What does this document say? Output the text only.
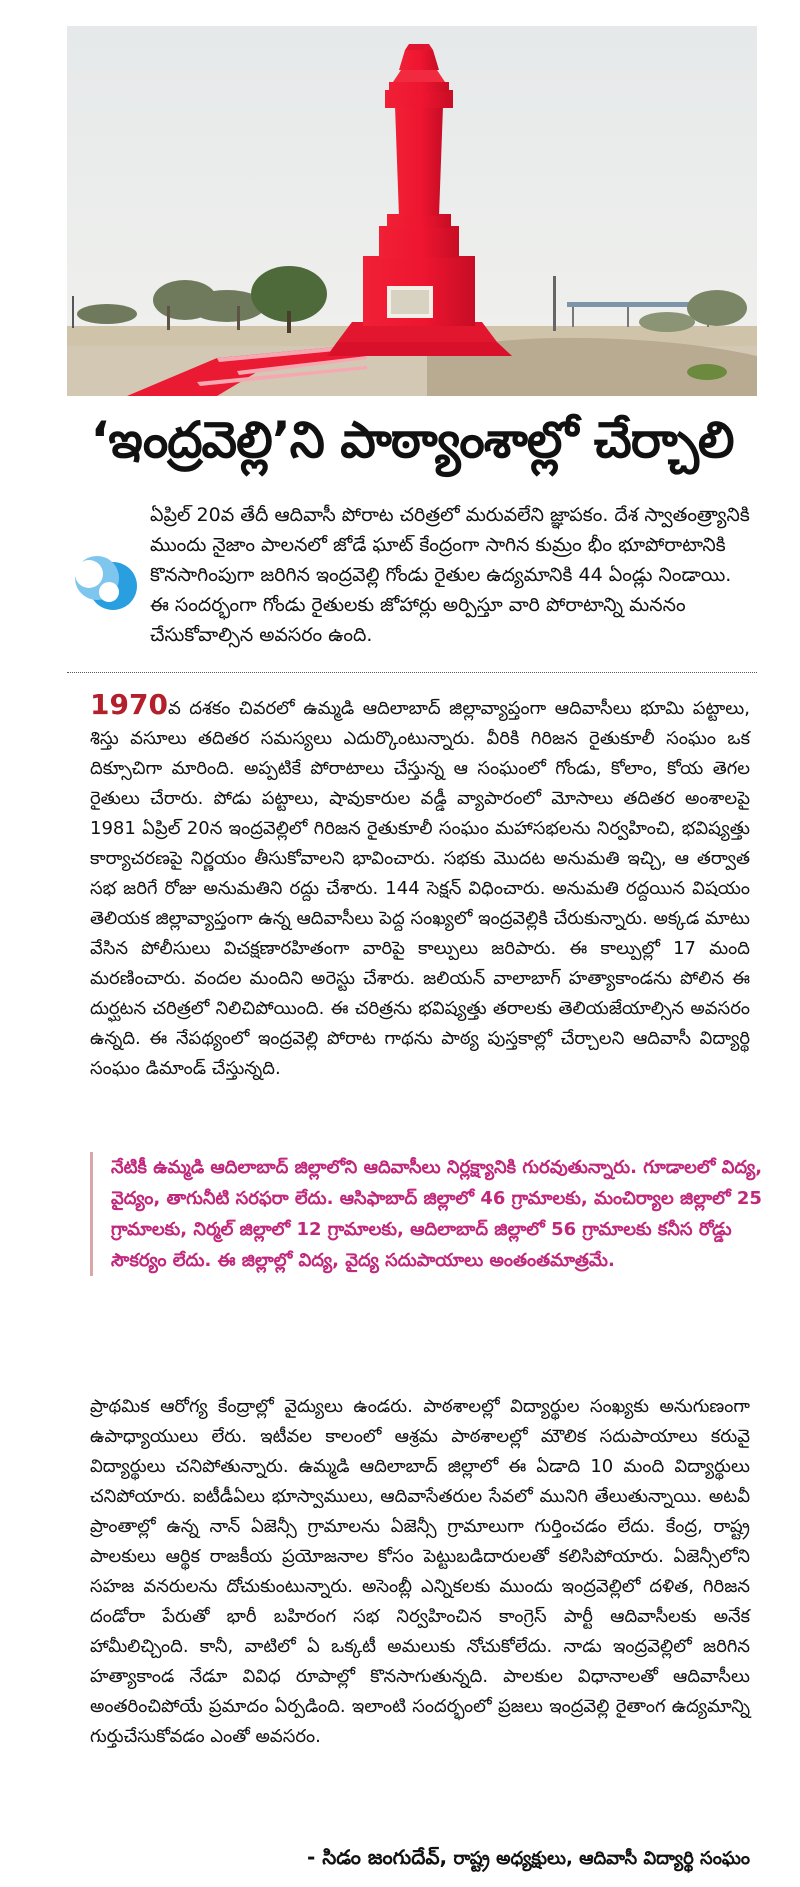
‘ఇంద్రవెల్లి’ని పాఠ్యాంశాల్లో చేర్చాలి

ఏప్రిల్ 20వ తేదీ ఆదివాసీ పోరాట చరిత్రలో మరువలేని జ్ఞాపకం. దేశ స్వాతంత్ర్యానికి ముందు నైజాం పాలనలో జోడే ఘాట్ కేంద్రంగా సాగిన కుమ్రం భీం భూపోరాటానికి కొనసాగింపుగా జరిగిన ఇంద్రవెల్లి గోండు రైతుల ఉద్యమానికి 44 ఏండ్లు నిండాయి. ఈ సందర్భంగా గోండు రైతులకు జోహార్లు అర్పిస్తూ వారి పోరాటాన్ని మననం చేసుకోవాల్సిన అవసరం ఉంది.

1970వ దశకం చివరలో ఉమ్మడి ఆదిలాబాద్ జిల్లావ్యాప్తంగా ఆదివాసీలు భూమి పట్టాలు, శిస్తు వసూలు తదితర సమస్యలు ఎదుర్కొంటున్నారు. వీరికి గిరిజన రైతుకూలీ సంఘం ఒక దిక్సూచిగా మారింది. అప్పటికే పోరాటాలు చేస్తున్న ఆ సంఘంలో గోండు, కోలాం, కోయ తెగల రైతులు చేరారు. పోడు పట్టాలు, షావుకారుల వడ్డీ వ్యాపారంలో మోసాలు తదితర అంశాలపై 1981 ఏప్రిల్ 20న ఇంద్రవెల్లిలో గిరిజన రైతుకూలీ సంఘం మహాసభలను నిర్వహించి, భవిష్యత్తు కార్యాచరణపై నిర్ణయం తీసుకోవాలని భావించారు. సభకు మొదట అనుమతి ఇచ్చి, ఆ తర్వాత సభ జరిగే రోజు అనుమతిని రద్దు చేశారు. 144 సెక్షన్ విధించారు. అనుమతి రద్దయిన విషయం తెలియక జిల్లావ్యాప్తంగా ఉన్న ఆదివాసీలు పెద్ద సంఖ్యలో ఇంద్రవెల్లికి చేరుకున్నారు. అక్కడ మాటు వేసిన పోలీసులు విచక్షణారహితంగా వారిపై కాల్పులు జరిపారు. ఈ కాల్పుల్లో 17 మంది మరణించారు. వందల మందిని అరెస్టు చేశారు. జలియన్ వాలాబాగ్ హత్యాకాండను పోలిన ఈ దుర్ఘటన చరిత్రలో నిలిచిపోయింది. ఈ చరిత్రను భవిష్యత్తు తరాలకు తెలియజేయాల్సిన అవసరం ఉన్నది. ఈ నేపథ్యంలో ఇంద్రవెల్లి పోరాట గాథను పాఠ్య పుస్తకాల్లో చేర్చాలని ఆదివాసీ విద్యార్థి సంఘం డిమాండ్ చేస్తున్నది.

నేటికీ ఉమ్మడి ఆదిలాబాద్ జిల్లాలోని ఆదివాసీలు నిర్లక్ష్యానికి గురవుతున్నారు. గూడాలలో విద్య, వైద్యం, తాగునీటి సరఫరా లేదు. ఆసిఫాబాద్ జిల్లాలో 46 గ్రామాలకు, మంచిర్యాల జిల్లాలో 25 గ్రామాలకు, నిర్మల్ జిల్లాలో 12 గ్రామాలకు, ఆదిలాబాద్ జిల్లాలో 56 గ్రామాలకు కనీస రోడ్డు సౌకర్యం లేదు. ఈ జిల్లాల్లో విద్య, వైద్య సదుపాయాలు అంతంతమాత్రమే.

ప్రాథమిక ఆరోగ్య కేంద్రాల్లో వైద్యులు ఉండరు. పాఠశాలల్లో విద్యార్థుల సంఖ్యకు అనుగుణంగా ఉపాధ్యాయులు లేరు. ఇటీవల కాలంలో ఆశ్రమ పాఠశాలల్లో మౌలిక సదుపాయాలు కరువై విద్యార్థులు చనిపోతున్నారు. ఉమ్మడి ఆదిలాబాద్ జిల్లాలో ఈ ఏడాది 10 మంది విద్యార్థులు చనిపోయారు. ఐటీడీఏలు భూస్వాములు, ఆదివాసేతరుల సేవలో మునిగి తేలుతున్నాయి. అటవీ ప్రాంతాల్లో ఉన్న నాన్ ఏజెన్సీ గ్రామాలను ఏజెన్సీ గ్రామాలుగా గుర్తించడం లేదు. కేంద్ర, రాష్ట్ర పాలకులు ఆర్థిక రాజకీయ ప్రయోజనాల కోసం పెట్టుబడిదారులతో కలిసిపోయారు. ఏజెన్సీలోని సహజ వనరులను దోచుకుంటున్నారు. అసెంబ్లీ ఎన్నికలకు ముందు ఇంద్రవెల్లిలో దళిత, గిరిజన దండోరా పేరుతో భారీ బహిరంగ సభ నిర్వహించిన కాంగ్రెస్ పార్టీ ఆదివాసీలకు అనేక హామీలిచ్చింది. కానీ, వాటిలో ఏ ఒక్కటీ అమలుకు నోచుకోలేదు. నాడు ఇంద్రవెల్లిలో జరిగిన హత్యాకాండ నేడూ వివిధ రూపాల్లో కొనసాగుతున్నది. పాలకుల విధానాలతో ఆదివాసీలు అంతరించిపోయే ప్రమాదం ఏర్పడింది. ఇలాంటి సందర్భంలో ప్రజలు ఇంద్రవెల్లి రైతాంగ ఉద్యమాన్ని గుర్తుచేసుకోవడం ఎంతో అవసరం.

- సిడం జంగుదేవ్, రాష్ట్ర అధ్యక్షులు, ఆదివాసీ విద్యార్థి సంఘం
